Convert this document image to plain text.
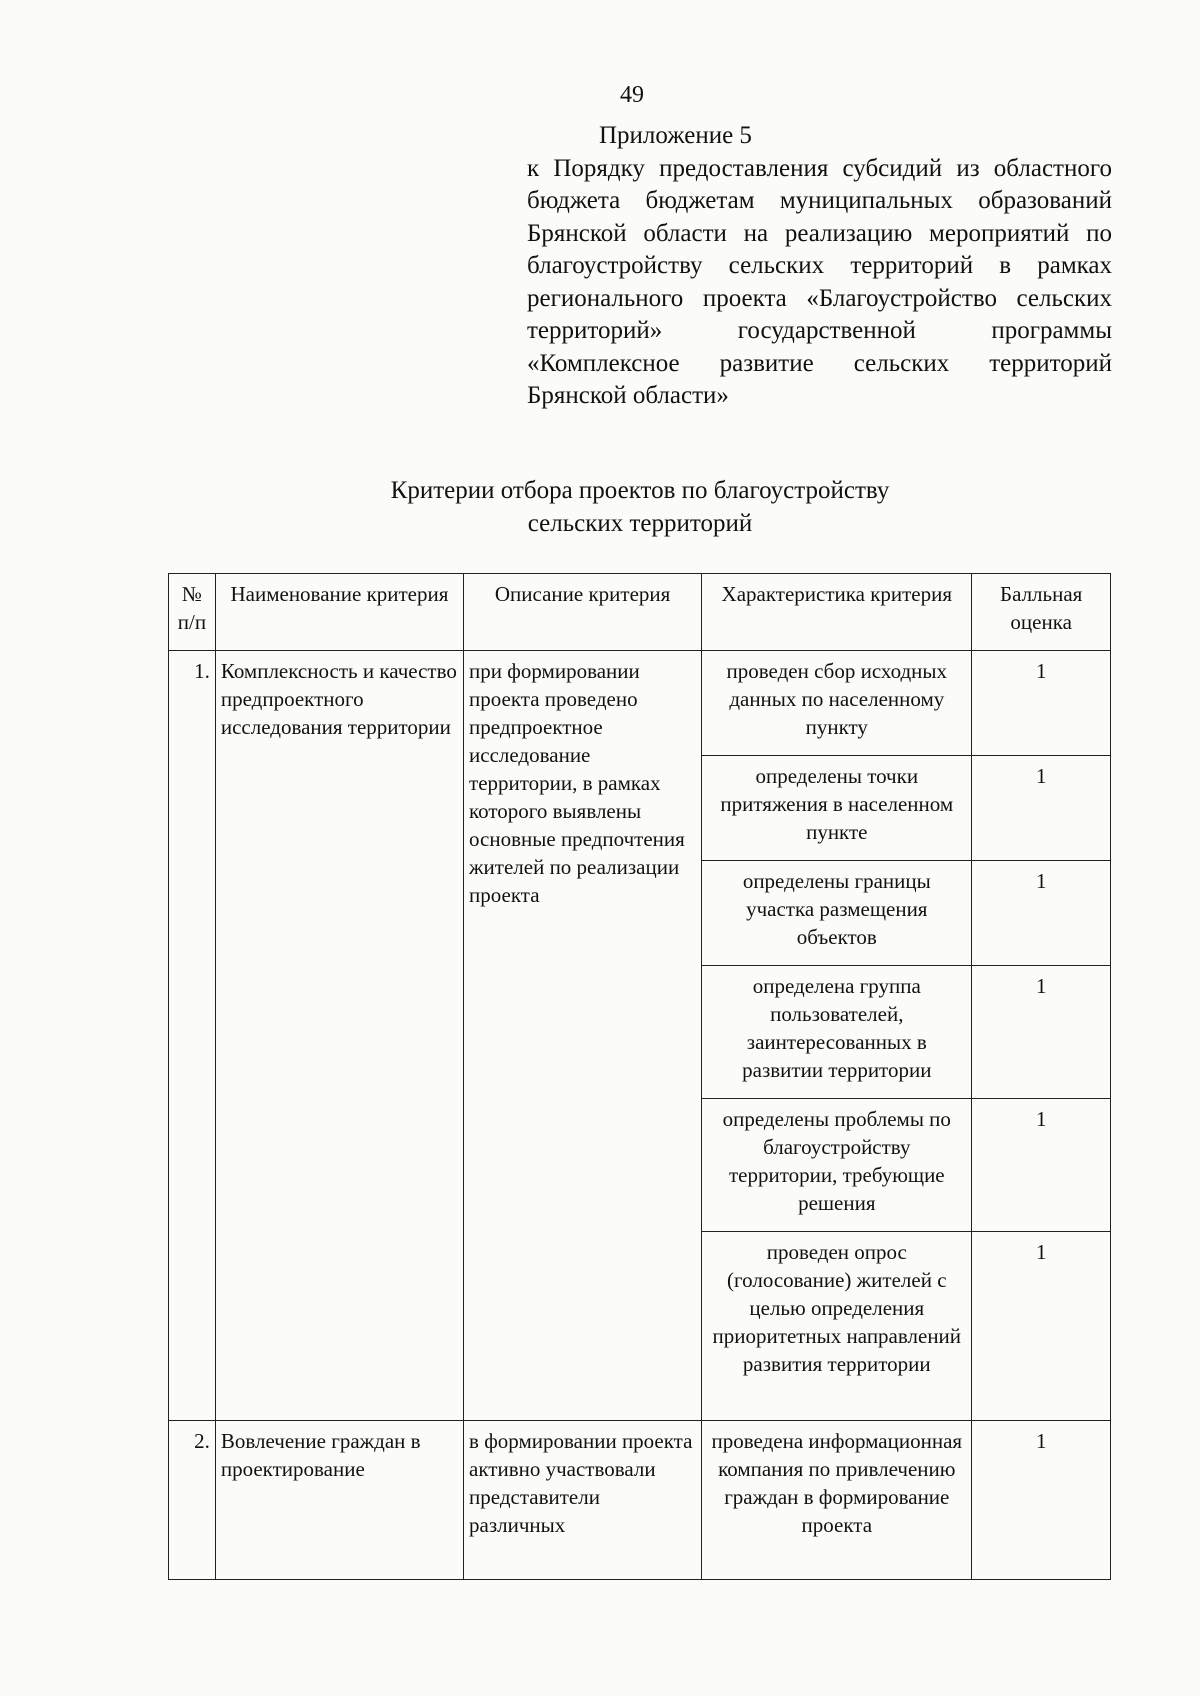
49
Приложение 5
к Порядку предоставления субсидий из областного бюджета бюджетам муниципальных образований Брянской области на реализацию мероприятий по благоустройству сельских территорий в рамках регионального проекта «Благоустройство сельских территорий» государственной программы «Комплексное развитие сельских территорий Брянской области»
Критерии отбора проектов по благоустройству
сельских территорий
№ п/п	Наименование критерия	Описание критерия	Характеристика критерия	Балльная оценка
1.	Комплексность и качество предпроектного исследования территории	при формировании проекта проведено предпроектное исследование территории, в рамках которого выявлены основные предпочтения жителей по реализации проекта	проведен сбор исходных данных по населенному пункту	1
			определены точки притяжения в населенном пункте	1
			определены границы участка размещения объектов	1
			определена группа пользователей, заинтересованных в развитии территории	1
			определены проблемы по благоустройству территории, требующие решения	1
			проведен опрос (голосование) жителей с целью определения приоритетных направлений развития территории	1
2.	Вовлечение граждан в проектирование	в формировании проекта активно участвовали представители различных	проведена информационная компания по привлечению граждан в формирование проекта	1
